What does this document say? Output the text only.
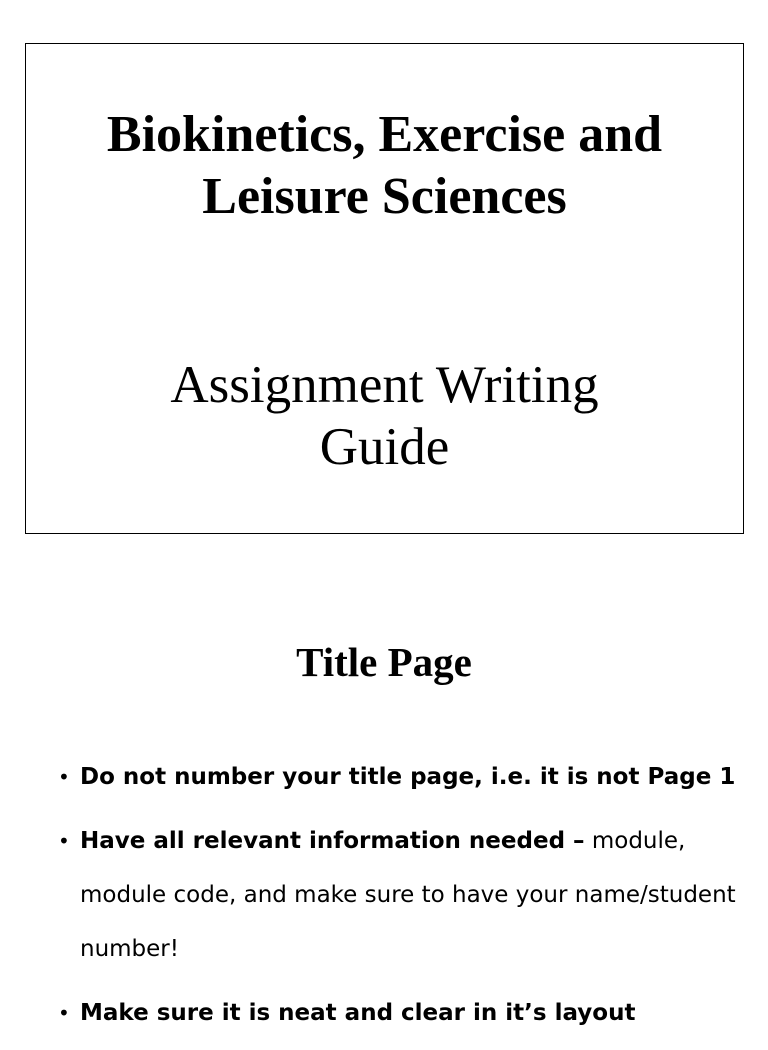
Biokinetics, Exercise and
Leisure Sciences
Assignment Writing
Guide
Title Page
• Do not number your title page, i.e. it is not Page 1
• Have all relevant information needed – module, module code, and make sure to have your name/student number!
• Make sure it is neat and clear in it’s layout
